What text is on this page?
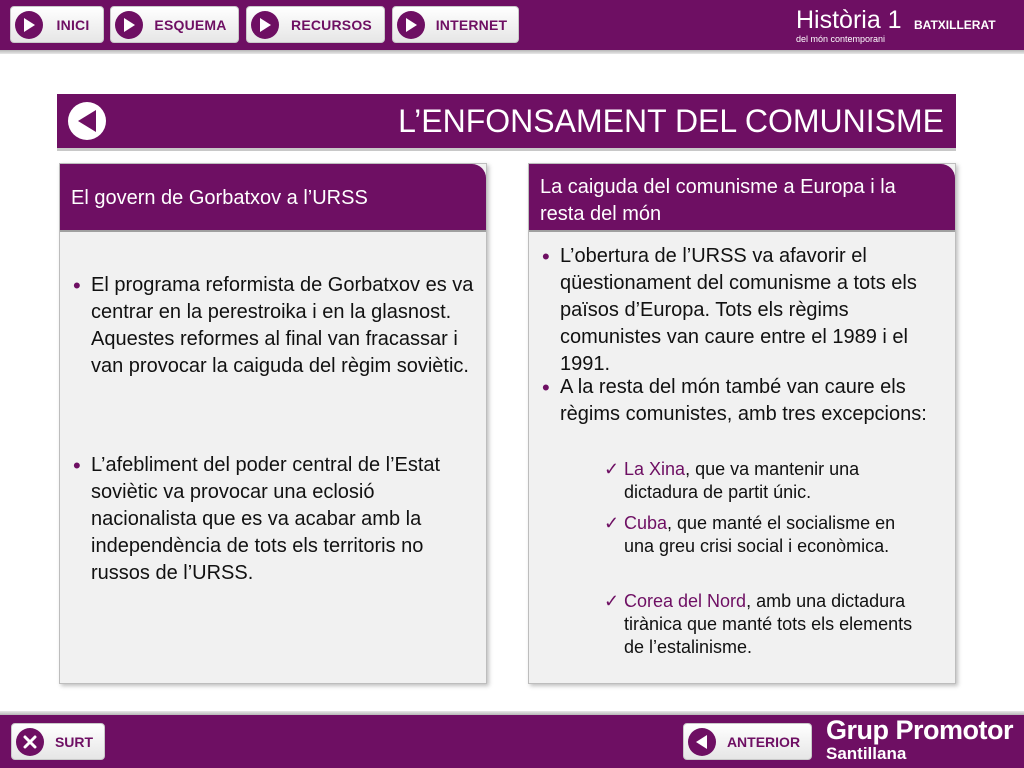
INICI	ESQUEMA	RECURSOS	INTERNET	Història 1 BATXILLERAT
del món contemporani
L’ENFONSAMENT DEL COMUNISME
El govern de Gorbatxov a l’URSS
• El programa reformista de Gorbatxov es va centrar en la perestroika i en la glasnost. Aquestes reformes al final van fracassar i van provocar la caiguda del règim soviètic.
• L’afebliment del poder central de l’Estat soviètic va provocar una eclosió nacionalista que es va acabar amb la independència de tots els territoris no russos de l’URSS.
La caiguda del comunisme a Europa i la resta del món
• L’obertura de l’URSS va afavorir el qüestionament del comunisme a tots els països d’Europa. Tots els règims comunistes van caure entre el 1989 i el 1991.
• A la resta del món també van caure els règims comunistes, amb tres excepcions:
✓ La Xina, que va mantenir una dictadura de partit únic.
✓ Cuba, que manté el socialisme en una greu crisi social i econòmica.
✓ Corea del Nord, amb una dictadura tirànica que manté tots els elements de l’estalinisme.
SURT	ANTERIOR Grup Promotor
Santillana
